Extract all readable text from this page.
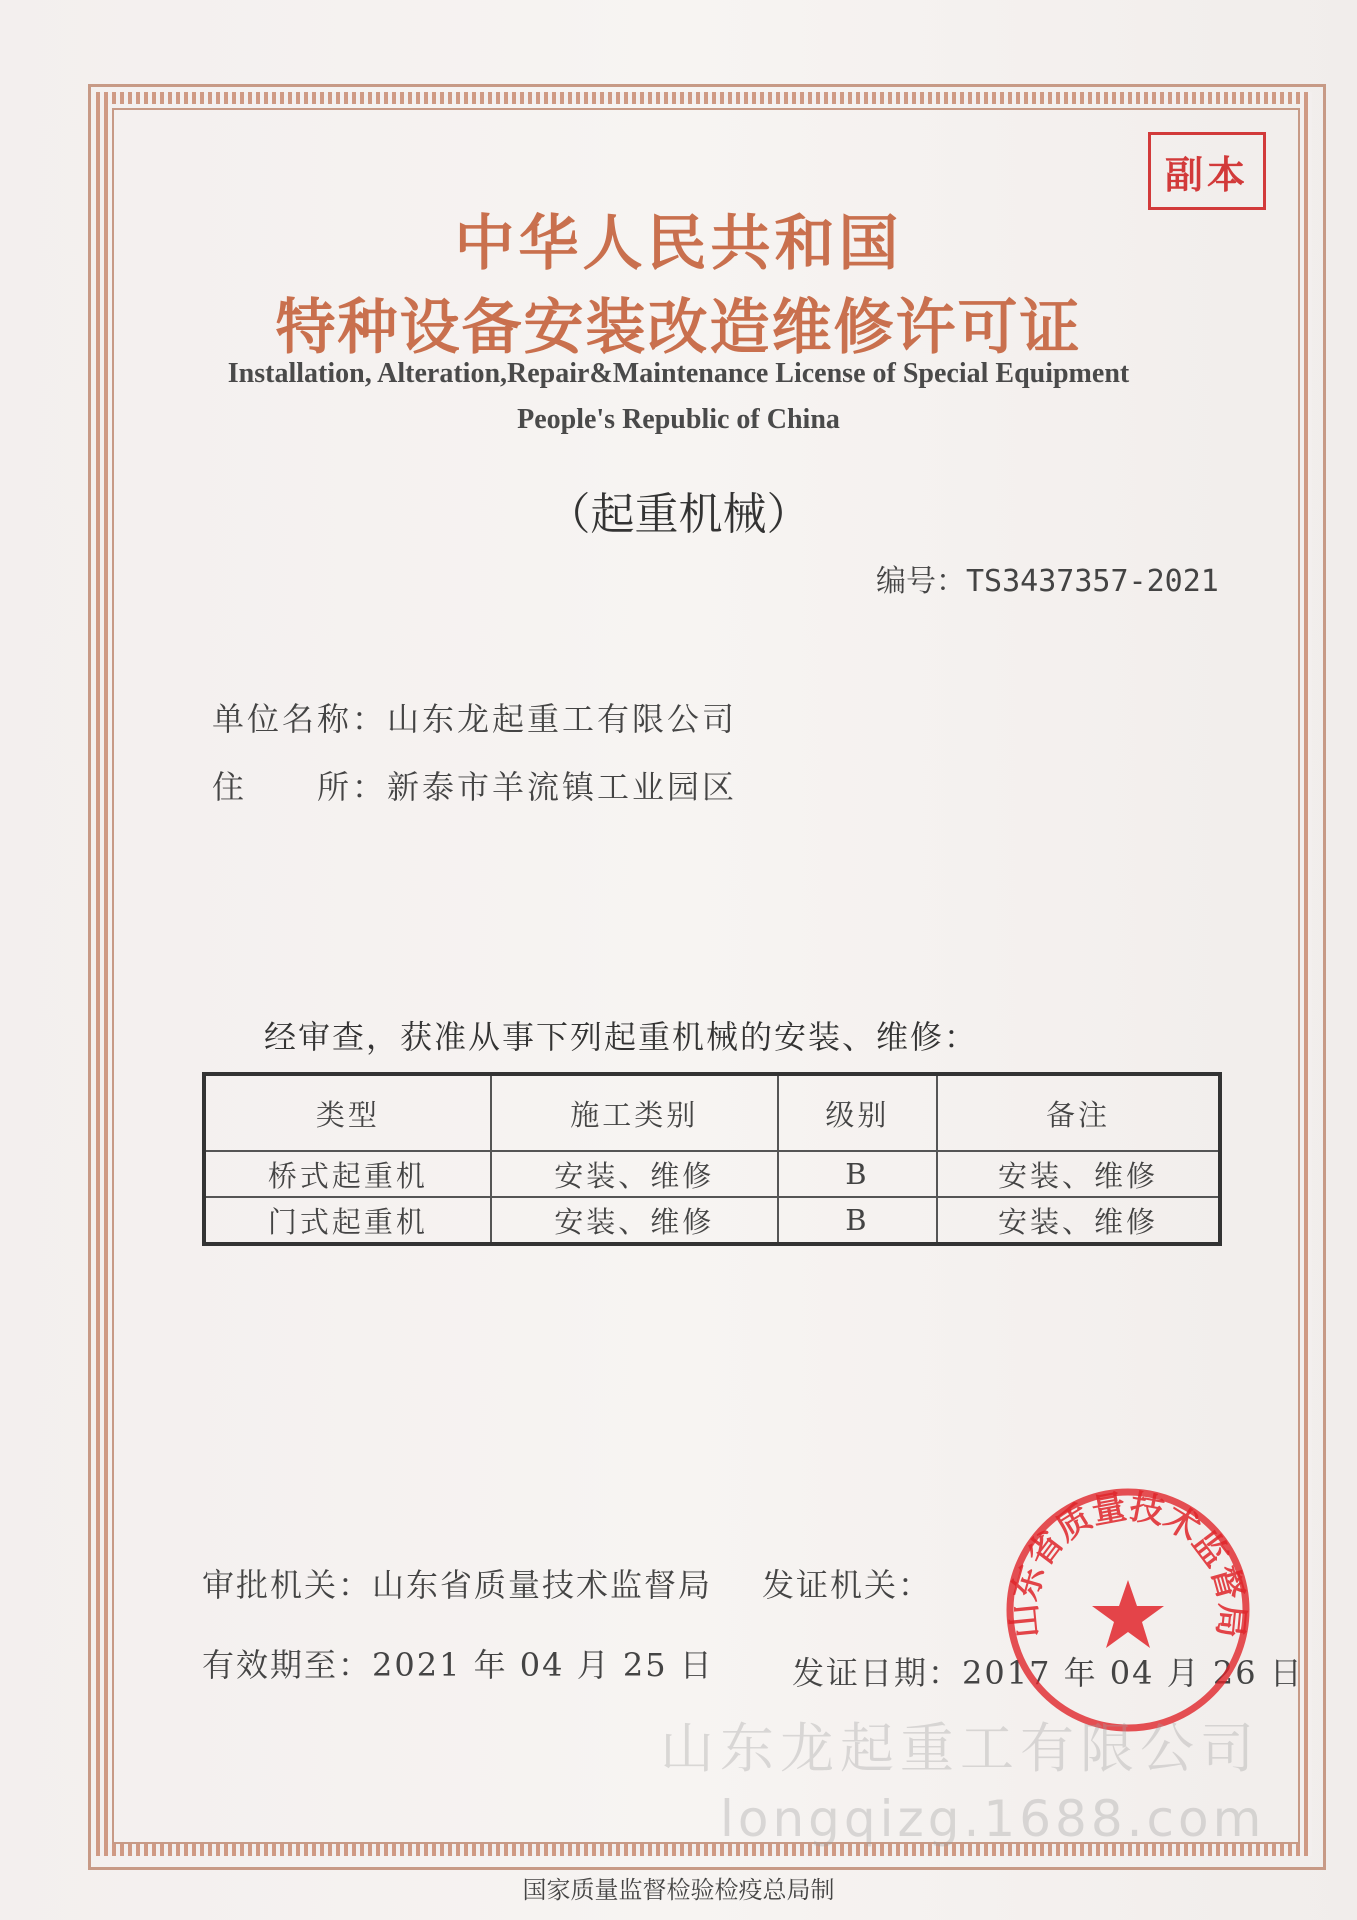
副本
中华人民共和国
特种设备安装改造维修许可证
Installation, Alteration,Repair&Maintenance License of Special Equipment
People's Republic of China
（起重机械）
编号：TS3437357-2021
单位名称：山东龙起重工有限公司
住　　所：新泰市羊流镇工业园区
经审查，获准从事下列起重机械的安装、维修：
类型	施工类别	级别	备注
桥式起重机	安装、维修	B	安装、维修
门式起重机	安装、维修	B	安装、维修
审批机关：山东省质量技术监督局 发证机关：
有效期至：2021 年 04 月 25 日 发证日期：2017 年 04 月 26 日
山东省质量技术监督局
山东龙起重工有限公司
longqizg.1688.com
国家质量监督检验检疫总局制
